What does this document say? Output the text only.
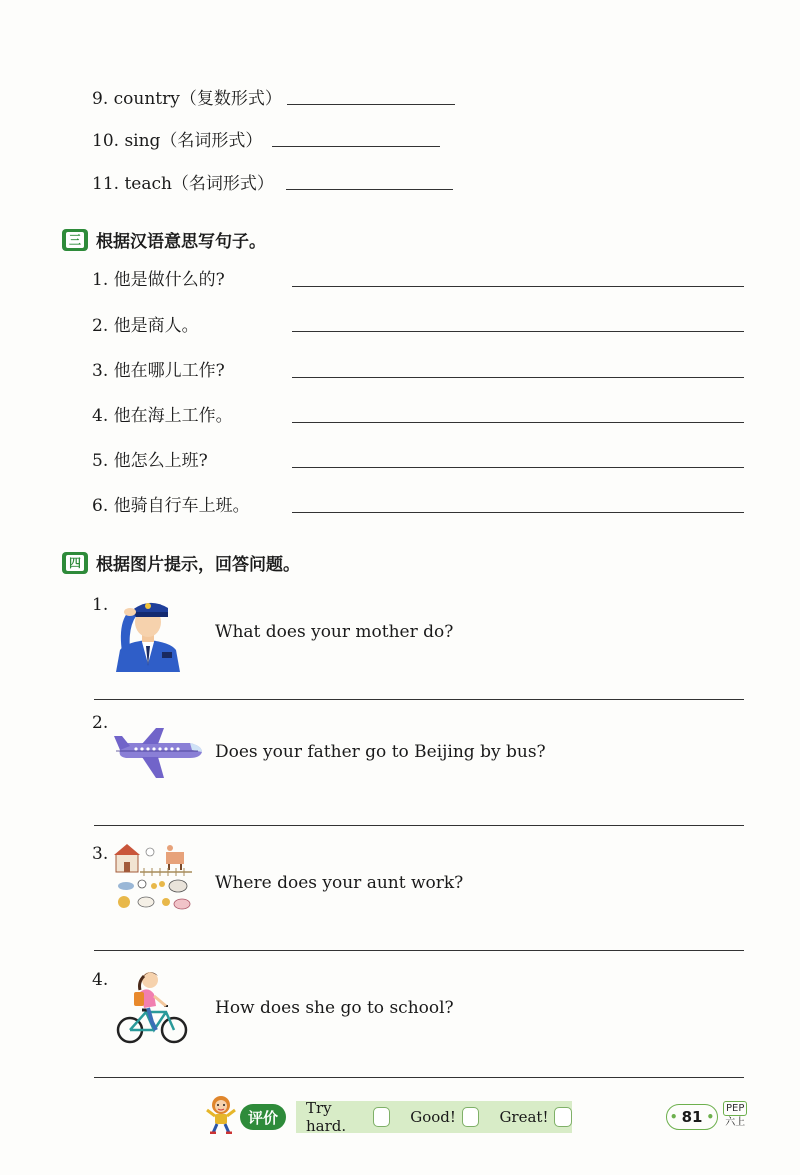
9. country（复数形式）
10. sing（名词形式）
11. teach（名词形式）
三 根据汉语意思写句子。
1. 他是做什么的?
2. 他是商人。
3. 他在哪儿工作?
4. 他在海上工作。
5. 他怎么上班?
6. 他骑自行车上班。
四 根据图片提示，回答问题。
1.
What does your mother do?
2.
Does your father go to Beijing by bus?
3.
Where does your aunt work?
4.
How does she go to school?
评价
Try hard.	Good!	Great!	• 81 •
PEP
六上
